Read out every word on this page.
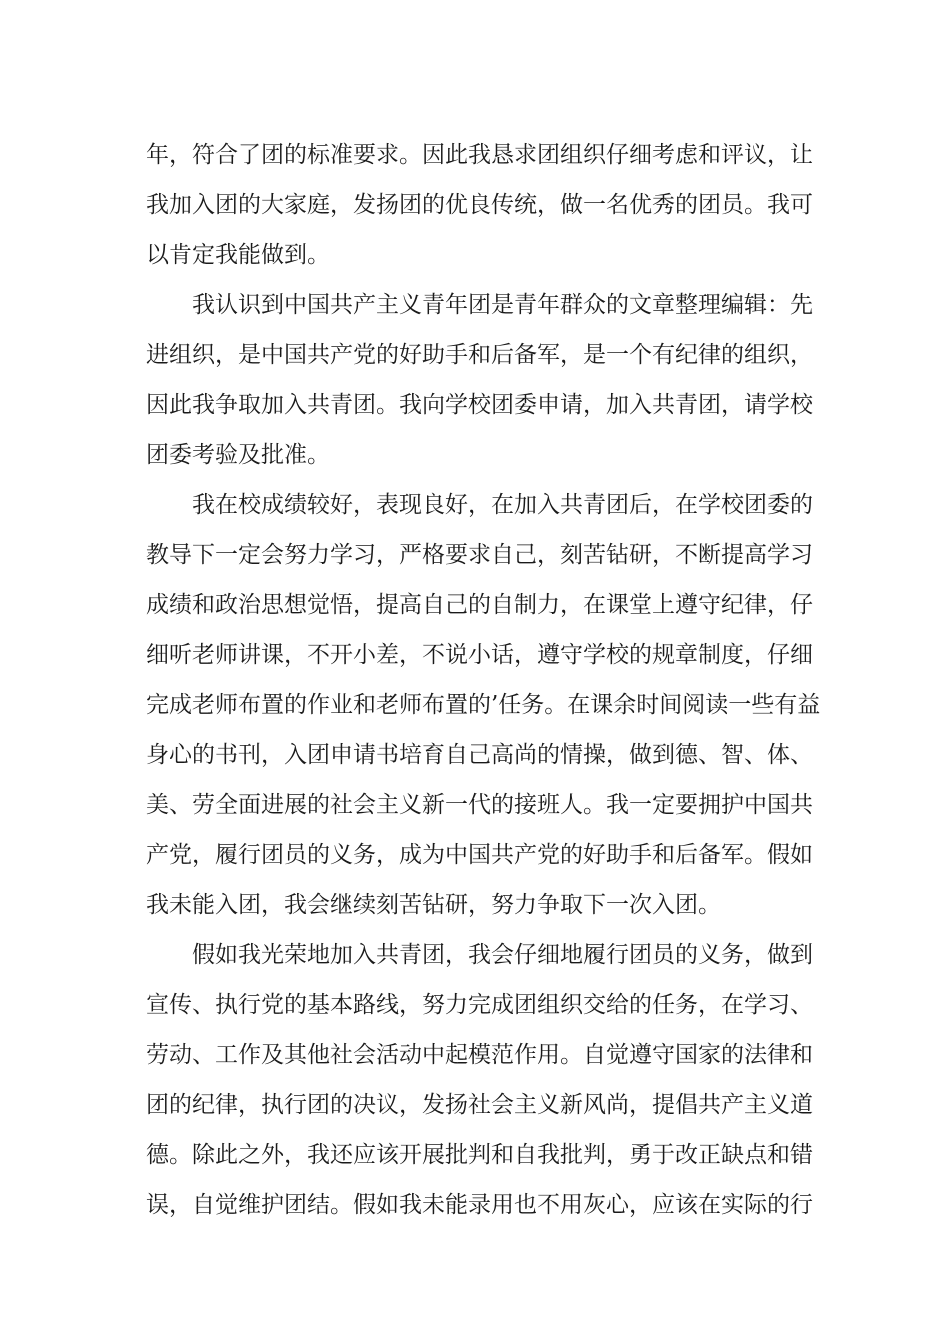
年，符合了团的标准要求。因此我恳求团组织仔细考虑和评议，让
我加入团的大家庭，发扬团的优良传统，做一名优秀的团员。我可
以肯定我能做到。
我认识到中国共产主义青年团是青年群众的文章整理编辑：先
进组织，是中国共产党的好助手和后备军，是一个有纪律的组织，
因此我争取加入共青团。我向学校团委申请，加入共青团，请学校
团委考验及批准。
我在校成绩较好，表现良好，在加入共青团后，在学校团委的
教导下一定会努力学习，严格要求自己，刻苦钻研，不断提高学习
成绩和政治思想觉悟，提高自己的自制力，在课堂上遵守纪律，仔
细听老师讲课，不开小差，不说小话，遵守学校的规章制度，仔细
完成老师布置的作业和老师布置的’任务。在课余时间阅读一些有益
身心的书刊，入团申请书培育自己高尚的情操，做到德、智、体、
美、劳全面进展的社会主义新一代的接班人。我一定要拥护中国共
产党，履行团员的义务，成为中国共产党的好助手和后备军。假如
我未能入团，我会继续刻苦钻研，努力争取下一次入团。
假如我光荣地加入共青团，我会仔细地履行团员的义务，做到
宣传、执行党的基本路线，努力完成团组织交给的任务，在学习、
劳动、工作及其他社会活动中起模范作用。自觉遵守国家的法律和
团的纪律，执行团的决议，发扬社会主义新风尚，提倡共产主义道
德。除此之外，我还应该开展批判和自我批判，勇于改正缺点和错
误，自觉维护团结。假如我未能录用也不用灰心，应该在实际的行
